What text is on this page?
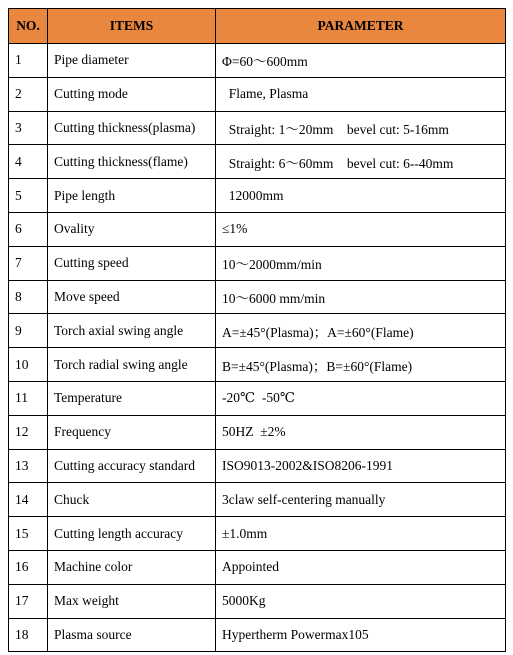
NO.	ITEMS	PARAMETER
1	Pipe diameter	Φ=60～600mm
2	Cutting mode	Flame, Plasma
3	Cutting thickness(plasma)	Straight: 1～20mm    bevel cut: 5-16mm
4	Cutting thickness(flame)	Straight: 6～60mm    bevel cut: 6--40mm
5	Pipe length	12000mm
6	Ovality	≤1%
7	Cutting speed	10～2000mm/min
8	Move speed	10～6000 mm/min
9	Torch axial swing angle	A=±45°(Plasma)；A=±60°(Flame)
10	Torch radial swing angle	B=±45°(Plasma)；B=±60°(Flame)
11	Temperature	-20℃  -50℃
12	Frequency	50HZ  ±2%
13	Cutting accuracy standard	ISO9013-2002&ISO8206-1991
14	Chuck	3claw self-centering manually
15	Cutting length accuracy	±1.0mm
16	Machine color	Appointed
17	Max weight	5000Kg
18	Plasma source	Hypertherm Powermax105
